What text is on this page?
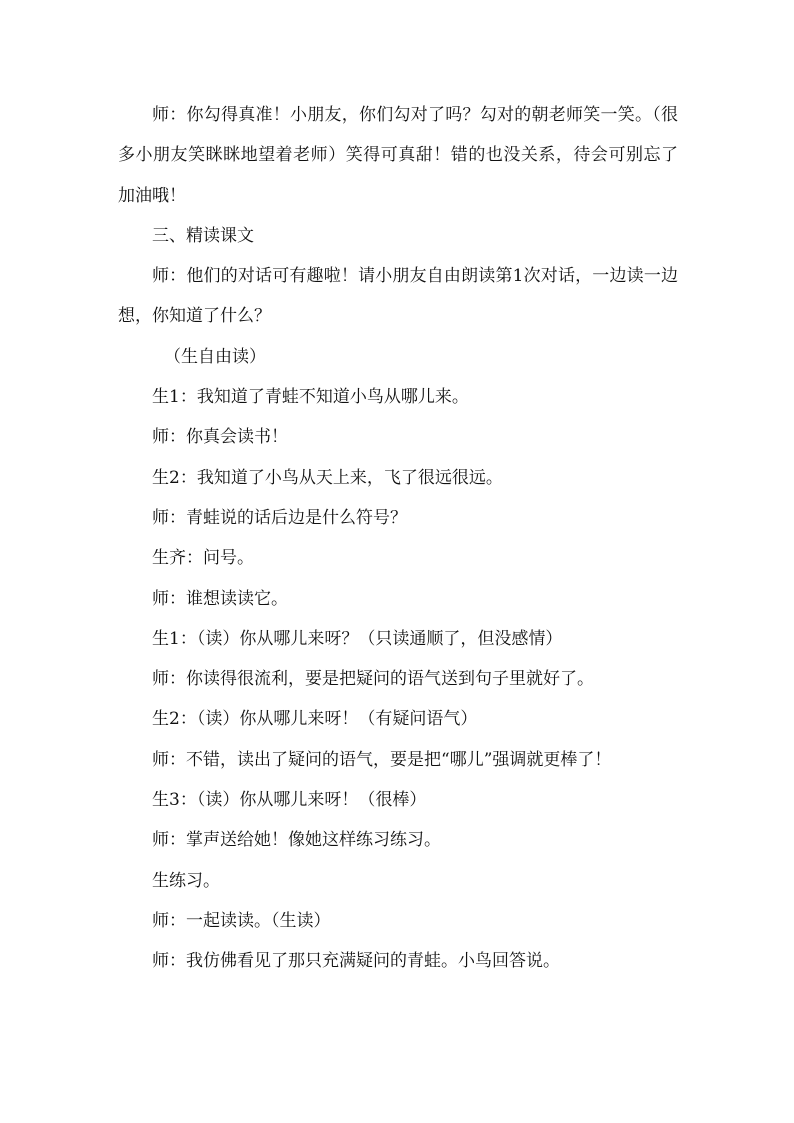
师：你勾得真准！小朋友，你们勾对了吗？勾对的朝老师笑一笑。（很多小朋友笑眯眯地望着老师）笑得可真甜！错的也没关系，待会可别忘了加油哦！

三、精读课文

师：他们的对话可有趣啦！请小朋友自由朗读第1次对话，一边读一边想，你知道了什么？

（生自由读）

生1：我知道了青蛙不知道小鸟从哪儿来。

师：你真会读书！

生2：我知道了小鸟从天上来，飞了很远很远。

师：青蛙说的话后边是什么符号？

生齐：问号。

师：谁想读读它。

生1：（读）你从哪儿来呀？（只读通顺了，但没感情）

师：你读得很流利，要是把疑问的语气送到句子里就好了。

生2：（读）你从哪儿来呀！（有疑问语气）

师：不错，读出了疑问的语气，要是把“哪儿”强调就更棒了！

生3：（读）你从哪儿来呀！（很棒）

师：掌声送给她！像她这样练习练习。

生练习。

师：一起读读。（生读）

师：我仿佛看见了那只充满疑问的青蛙。小鸟回答说。
